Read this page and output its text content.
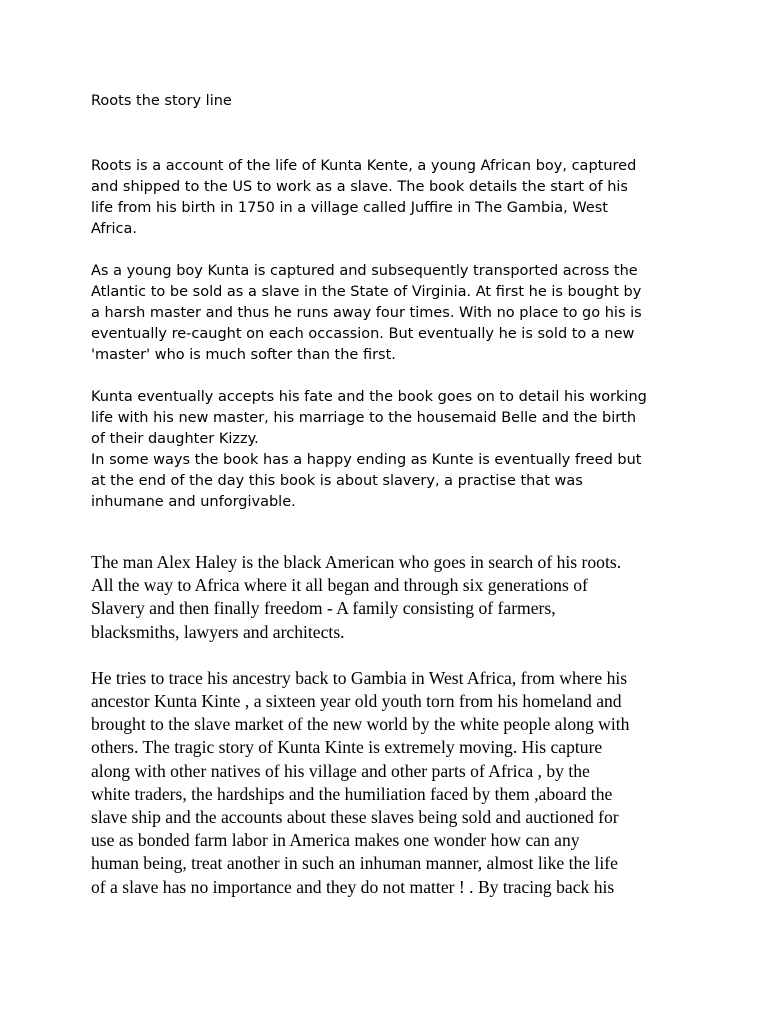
Roots the story line

Roots is a account of the life of Kunta Kente, a young African boy, captured
and shipped to the US to work as a slave. The book details the start of his
life from his birth in 1750 in a village called Juffire in The Gambia, West
Africa.

As a young boy Kunta is captured and subsequently transported across the
Atlantic to be sold as a slave in the State of Virginia. At first he is bought by
a harsh master and thus he runs away four times. With no place to go his is
eventually re-caught on each occassion. But eventually he is sold to a new
'master' who is much softer than the first.

Kunta eventually accepts his fate and the book goes on to detail his working
life with his new master, his marriage to the housemaid Belle and the birth
of their daughter Kizzy.

In some ways the book has a happy ending as Kunte is eventually freed but
at the end of the day this book is about slavery, a practise that was
inhumane and unforgivable.

The man Alex Haley is the black American who goes in search of his roots.
All the way to Africa where it all began and through six generations of
Slavery and then finally freedom - A family consisting of farmers,
blacksmiths, lawyers and architects.

He tries to trace his ancestry back to Gambia in West Africa, from where his
ancestor Kunta Kinte , a sixteen year old youth torn from his homeland and
brought to the slave market of the new world by the white people along with
others. The tragic story of Kunta Kinte is extremely moving. His capture
along with other natives of his village and other parts of Africa , by the
white traders, the hardships and the humiliation faced by them ,aboard the
slave ship and the accounts about these slaves being sold and auctioned for
use as bonded farm labor in America makes one wonder how can any
human being, treat another in such an inhuman manner, almost like the life
of a slave has no importance and they do not matter ! . By tracing back his
